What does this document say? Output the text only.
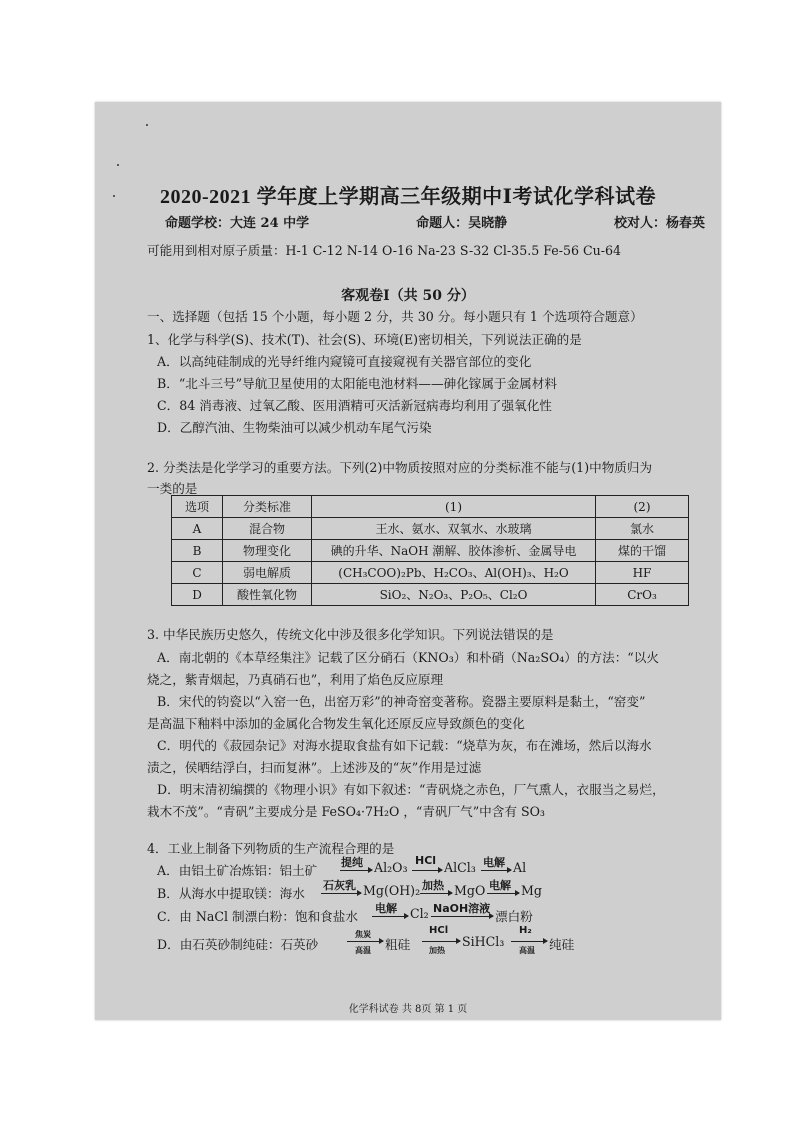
2020-2021 学年度上学期高三年级期中Ⅰ考试化学科试卷
命题学校：大连 24 中学	命题人：吴晓静	校对人：杨春英
可能用到相对原子质量：H-1 C-12 N-14 O-16 Na-23 S-32 Cl-35.5 Fe-56 Cu-64
客观卷Ⅰ（共 50 分）
一、选择题（包括 15 个小题，每小题 2 分，共 30 分。每小题只有 1 个选项符合题意）
1、化学与科学(S)、技术(T)、社会(S)、环境(E)密切相关，下列说法正确的是
A．以高纯硅制成的光导纤维内窥镜可直接窥视有关器官部位的变化
B．“北斗三号”导航卫星使用的太阳能电池材料——砷化镓属于金属材料
C．84 消毒液、过氧乙酸、医用酒精可灭活新冠病毒均利用了强氧化性
D．乙醇汽油、生物柴油可以减少机动车尾气污染
2. 分类法是化学学习的重要方法。下列(2)中物质按照对应的分类标准不能与(1)中物质归为
一类的是
选项	分类标准	(1)	(2)
A	混合物	王水、氨水、双氧水、水玻璃	氯水
B	物理变化	碘的升华、NaOH 潮解、胶体渗析、金属导电	煤的干馏
C	弱电解质	(CH₃COO)₂Pb、H₂CO₃、Al(OH)₃、H₂O	HF
D	酸性氧化物	SiO₂、N₂O₃、P₂O₅、Cl₂O	CrO₃
3. 中华民族历史悠久，传统文化中涉及很多化学知识。下列说法错误的是
A．南北朝的《本草经集注》记载了区分硝石（KNO₃）和朴硝（Na₂SO₄）的方法：“以火
烧之，紫青烟起，乃真硝石也”，利用了焰色反应原理
B．宋代的钧瓷以“入窑一色，出窑万彩”的神奇窑变著称。瓷器主要原料是黏土，“窑变”
是高温下釉料中添加的金属化合物发生氧化还原反应导致颜色的变化
C．明代的《菽园杂记》对海水提取食盐有如下记载：“烧草为灰，布在滩场，然后以海水
渍之，侯晒结浮白，扫而复淋”。上述涉及的“灰”作用是过滤
D．明末清初编撰的《物理小识》有如下叙述：“青矾烧之赤色，厂气熏人，衣服当之易烂，
栽木不茂”。“青矾”主要成分是 FeSO₄·7H₂O ，“青矾厂气”中含有 SO₃
4．工业上制备下列物质的生产流程合理的是
A．由铝土矿冶炼铝：铝土矿
提纯 → Al₂O₃ HCl → AlCl₃ 电解 → Al
B．从海水中提取镁：海水
石灰乳 → Mg(OH)₂ 加热 → MgO 电解 → Mg
C．由 NaCl 制漂白粉：饱和食盐水
电解 → Cl₂ NaOH溶液
→ 漂白粉
D．由石英砂制纯硅：石英砂
焦炭
高温 粗硅
HCl
加热
SiHCl₃
H₂
高温 纯硅
化学科试卷 共 8页 第 1 页
